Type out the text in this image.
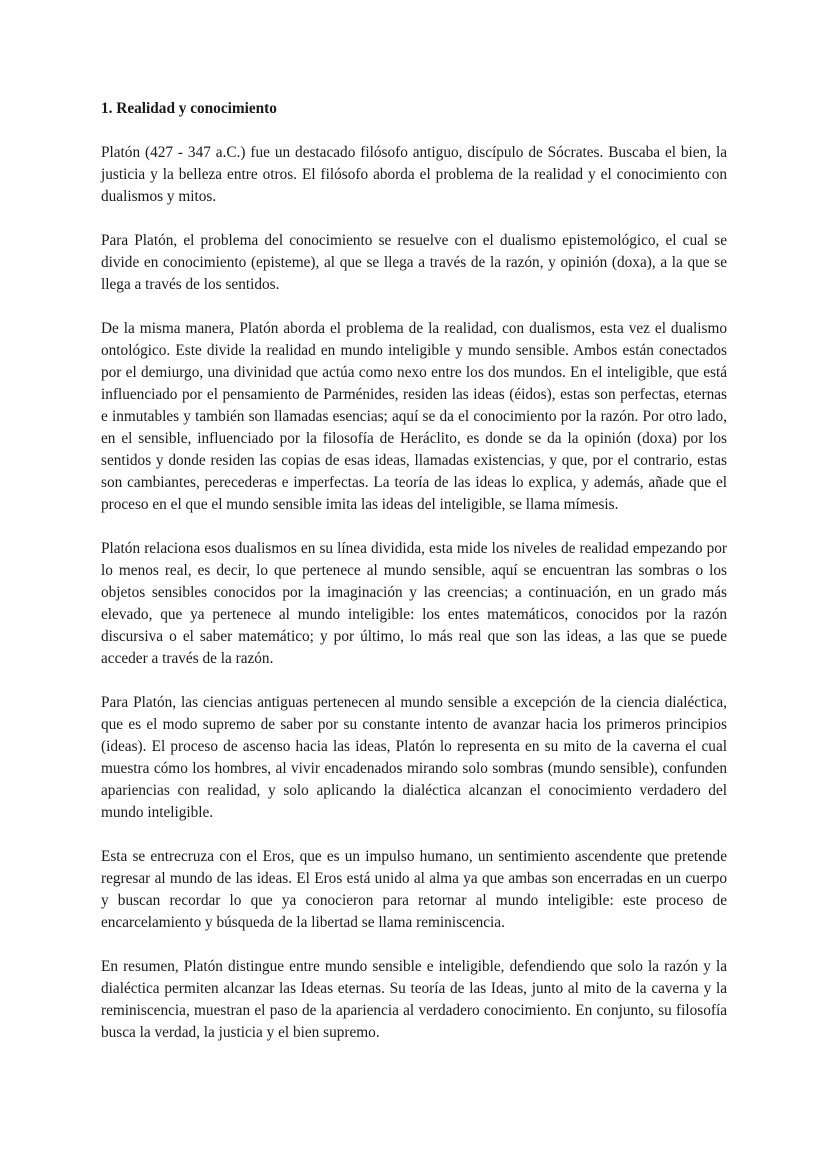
1. Realidad y conocimiento

Platón (427 - 347 a.C.) fue un destacado filósofo antiguo, discípulo de Sócrates. Buscaba el bien, la justicia y la belleza entre otros. El filósofo aborda el problema de la realidad y el conocimiento con dualismos y mitos.

Para Platón, el problema del conocimiento se resuelve con el dualismo epistemológico, el cual se divide en conocimiento (episteme), al que se llega a través de la razón, y opinión (doxa), a la que se llega a través de los sentidos.

De la misma manera, Platón aborda el problema de la realidad, con dualismos, esta vez el dualismo ontológico. Este divide la realidad en mundo inteligible y mundo sensible. Ambos están conectados por el demiurgo, una divinidad que actúa como nexo entre los dos mundos. En el inteligible, que está influenciado por el pensamiento de Parménides, residen las ideas (éidos), estas son perfectas, eternas e inmutables y también son llamadas esencias; aquí se da el conocimiento por la razón. Por otro lado, en el sensible, influenciado por la filosofía de Heráclito, es donde se da la opinión (doxa) por los sentidos y donde residen las copias de esas ideas, llamadas existencias, y que, por el contrario, estas son cambiantes, perecederas e imperfectas. La teoría de las ideas lo explica, y además, añade que el proceso en el que el mundo sensible imita las ideas del inteligible, se llama mímesis.

Platón relaciona esos dualismos en su línea dividida, esta mide los niveles de realidad empezando por lo menos real, es decir, lo que pertenece al mundo sensible, aquí se encuentran las sombras o los objetos sensibles conocidos por la imaginación y las creencias; a continuación, en un grado más elevado, que ya pertenece al mundo inteligible: los entes matemáticos, conocidos por la razón discursiva o el saber matemático; y por último, lo más real que son las ideas, a las que se puede acceder a través de la razón.

Para Platón, las ciencias antiguas pertenecen al mundo sensible a excepción de la ciencia dialéctica, que es el modo supremo de saber por su constante intento de avanzar hacia los primeros principios (ideas). El proceso de ascenso hacia las ideas, Platón lo representa en su mito de la caverna el cual muestra cómo los hombres, al vivir encadenados mirando solo sombras (mundo sensible), confunden apariencias con realidad, y solo aplicando la dialéctica alcanzan el conocimiento verdadero del mundo inteligible.

Esta se entrecruza con el Eros, que es un impulso humano, un sentimiento ascendente que pretende regresar al mundo de las ideas. El Eros está unido al alma ya que ambas son encerradas en un cuerpo y buscan recordar lo que ya conocieron para retornar al mundo inteligible: este proceso de encarcelamiento y búsqueda de la libertad se llama reminiscencia.

En resumen, Platón distingue entre mundo sensible e inteligible, defendiendo que solo la razón y la dialéctica permiten alcanzar las Ideas eternas. Su teoría de las Ideas, junto al mito de la caverna y la reminiscencia, muestran el paso de la apariencia al verdadero conocimiento. En conjunto, su filosofía busca la verdad, la justicia y el bien supremo.
